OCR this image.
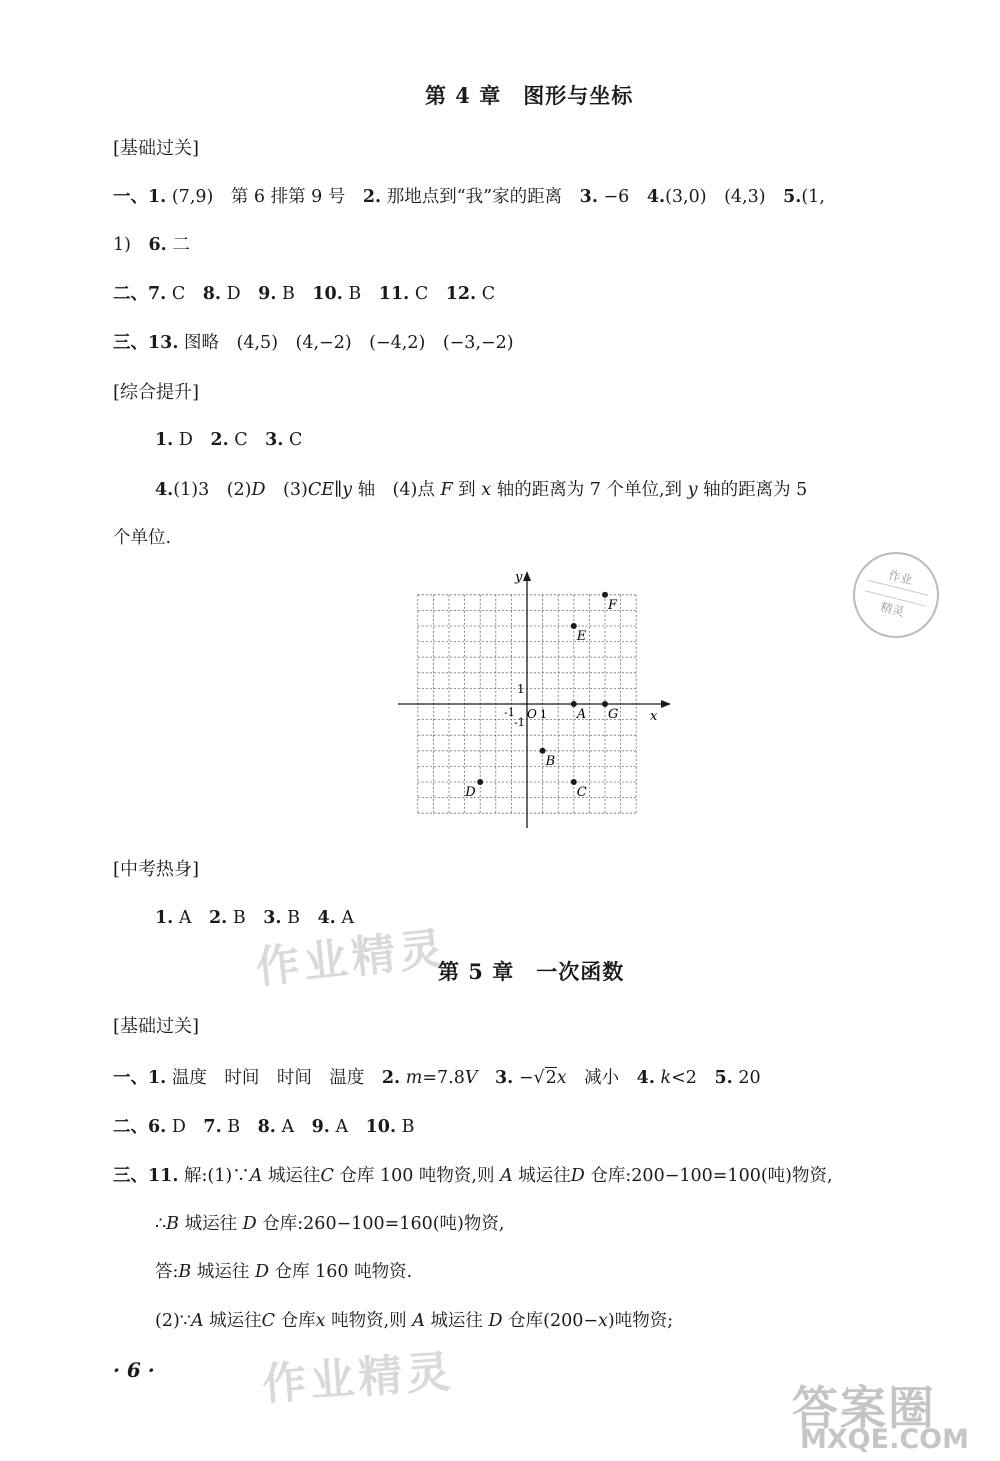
第 4 章　图形与坐标
[基础过关]
一、1. (7,9)　第 6 排第 9 号　 2. 那地点到“我”家的距离　 3. −6　 4.(3,0)　(4,3)　 5.(1,
1)　 6. 二
二、7. C　 8. D　 9. B　 10. B　 11. C　 12. C
三、13. 图略　(4,5)　(4,−2)　(−4,2)　(−3,−2)
[综合提升]
1. D　 2. C　 3. C
4.(1)3　(2)D　 (3)CE∥y 轴　(4)点 F 到 x 轴的距离为 7 个单位,到 y 轴的距离为 5
个单位.
y
x
1
O 1
-1
-1
F
E
A G
B
D	C
作业
精灵
[中考热身]
1. A　 2. B　 3. B　 4. A
作业精灵
第 5 章　一次函数
[基础过关]
一、1. 温度　时间　时间　温度　 2. m=7.8V　 3. −√2x　 减小　 4. k<2　 5. 20
二、6. D　 7. B　 8. A　 9. A　 10. B
三、11. 解:(1)∵A 城运往C 仓库 100 吨物资,则 A 城运往D 仓库:200−100=100(吨)物资,
∴B 城运往 D 仓库:260−100=160(吨)物资,
答:B 城运往 D 仓库 160 吨物资.
(2)∵A 城运往C 仓库x 吨物资,则 A 城运往 D 仓库(200−x)吨物资;
· 6 · 作业精灵	答案圈
MXQE.COM
